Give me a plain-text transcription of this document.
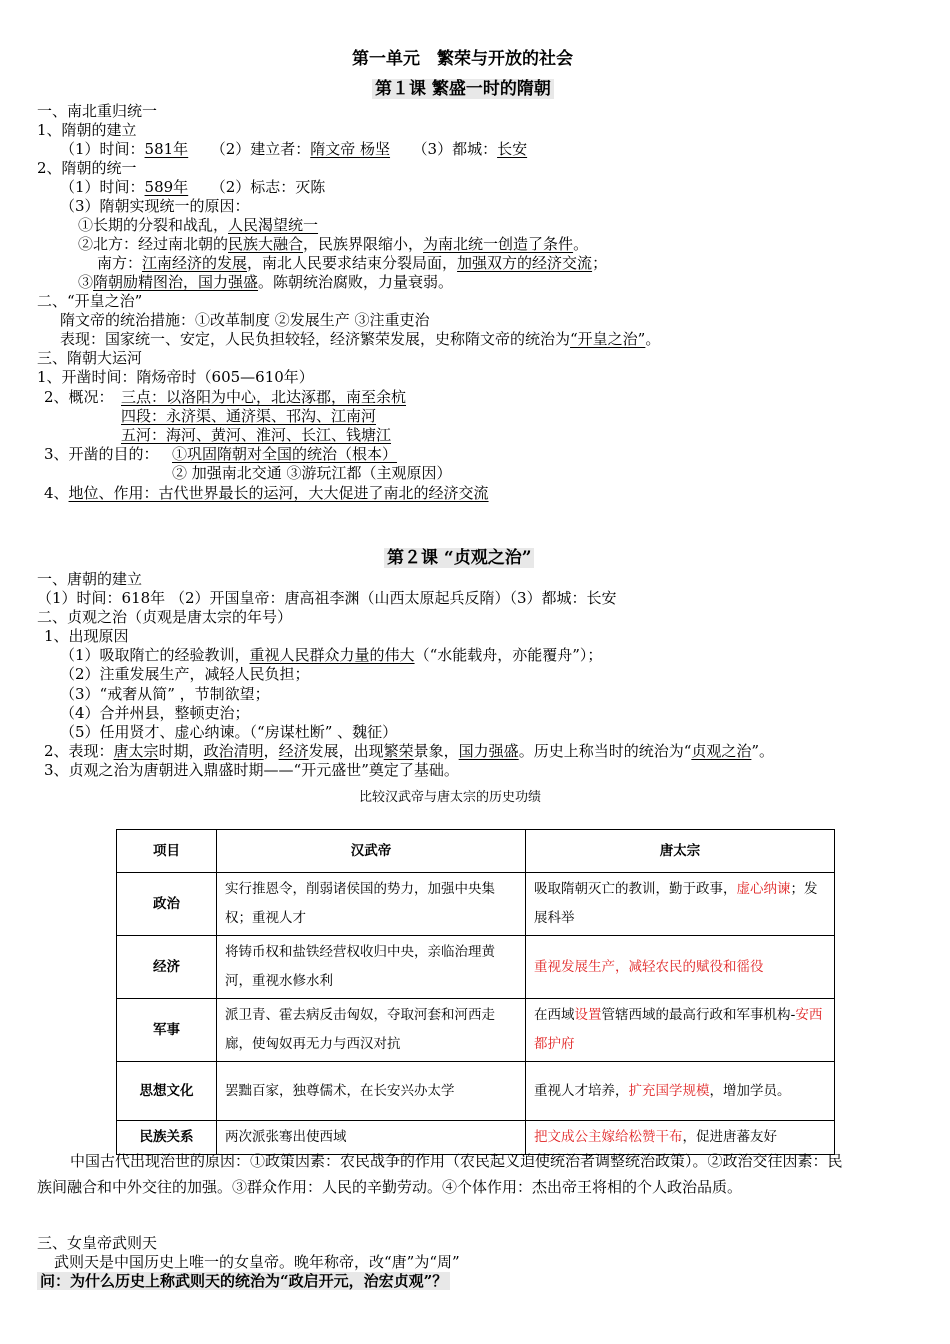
第一单元　繁荣与开放的社会
第１课 繁盛一时的隋朝
一、南北重归统一
1、隋朝的建立
（1）时间：581年　　 （2）建立者：隋文帝 杨坚　　 （3）都城：长安
2、隋朝的统一
（1）时间：589年　　 （2）标志：灭陈
（3）隋朝实现统一的原因：
①长期的分裂和战乱，人民渴望统一
②北方：经过南北朝的民族大融合，民族界限缩小，为南北统一创造了条件。
南方：江南经济的发展，南北人民要求结束分裂局面，加强双方的经济交流；
③隋朝励精图治，国力强盛。陈朝统治腐败，力量衰弱。
二、“开皇之治”
隋文帝的统治措施：①改革制度 ②发展生产 ③注重吏治
表现：国家统一、安定，人民负担较轻，经济繁荣发展，史称隋文帝的统治为“开皇之治”。
三、隋朝大运河
1、开凿时间：隋炀帝时（605—610年）
2、概况： 三点：以洛阳为中心，北达涿郡，南至余杭
四段：永济渠、通济渠、邗沟、江南河
五河：海河、黄河、淮河、长江、钱塘江
3、开凿的目的： ①巩固隋朝对全国的统治（根本）
② 加强南北交通 ③游玩江都（主观原因）
4、地位、作用：古代世界最长的运河，大大促进了南北的经济交流
第２课 “贞观之治”
一、唐朝的建立
（1）时间：618年 （2）开国皇帝：唐高祖李渊（山西太原起兵反隋）（3）都城：长安
二、贞观之治（贞观是唐太宗的年号）
1、出现原因
（1）吸取隋亡的经验教训，重视人民群众力量的伟大（“水能载舟，亦能覆舟”）；
（2）注重发展生产，减轻人民负担；
（3）“戒奢从简” ，节制欲望；
（4）合并州县，整顿吏治；
（5）任用贤才、虚心纳谏。（“房谋杜断” 、魏征）
2、表现：唐太宗时期，政治清明，经济发展，出现繁荣景象，国力强盛。历史上称当时的统治为“贞观之治”。
3、贞观之治为唐朝进入鼎盛时期——“开元盛世”奠定了基础。
比较汉武帝与唐太宗的历史功绩
项目	汉武帝	唐太宗
政治	实行推恩令，削弱诸侯国的势力，加强中央集权；重视人才	吸取隋朝灭亡的教训，勤于政事，虚心纳谏；发展科举
经济	将铸币权和盐铁经营权收归中央，亲临治理黄河，重视水修水利	重视发展生产，减轻农民的赋役和徭役
军事	派卫青、霍去病反击匈奴，夺取河套和河西走廊，使匈奴再无力与西汉对抗	在西域设置管辖西域的最高行政和军事机构-安西都护府
思想文化	罢黜百家，独尊儒术，在长安兴办太学	重视人才培养，扩充国学规模，增加学员。
民族关系	两次派张骞出使西域	把文成公主嫁给松赞干布，促进唐蕃友好
中国古代出现治世的原因：①政策因素：农民战争的作用（农民起义迫使统治者调整统治政策）。②政治交往因素：民
族间融合和中外交往的加强。③群众作用：人民的辛勤劳动。④个体作用：杰出帝王将相的个人政治品质。
三、女皇帝武则天
武则天是中国历史上唯一的女皇帝。晚年称帝，改“唐”为“周”
问：为什么历史上称武则天的统治为“政启开元，治宏贞观”？
